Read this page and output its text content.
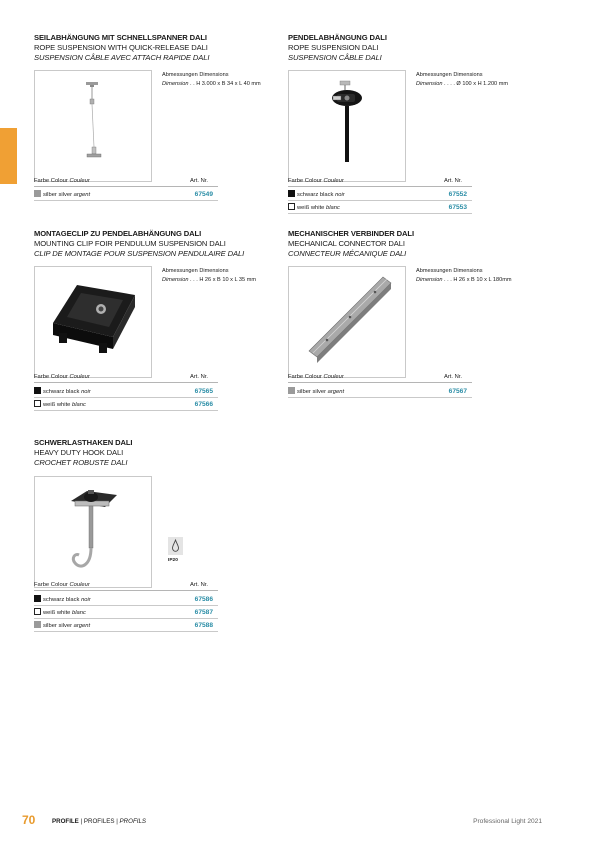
SEILABHÄNGUNG MIT SCHNELLSPANNER DALI
ROPE SUSPENSION WITH QUICK-RELEASE DALI
SUSPENSION CÂBLE AVEC ATTACH RAPIDE DALI
Abmessungen Dimensions
Dimension . . H 3.000 x B 34 x L 40 mm
Farbe Colour Couleur	Art. Nr.
silber silver argent	67549
PENDELABHÄNGUNG DALI
ROPE SUSPENSION DALI
SUSPENSION CÂBLE DALI
Abmessungen Dimensions
Dimension . . . . Ø 100 x H 1.200 mm
Farbe Colour Couleur	Art. Nr.
schwarz black noir	67552
weiß white blanc	67553
MONTAGECLIP ZU PENDELABHÄNGUNG DALI
MOUNTING CLIP FOIR PENDULUM SUSPENSION DALI
CLIP DE MONTAGE POUR SUSPENSION PENDULAIRE DALI
Abmessungen Dimensions
Dimension . . . H 26 x B 10 x L 35 mm
Farbe Colour Couleur	Art. Nr.
schwarz black noir	67565
weiß white blanc	67566
MECHANISCHER VERBINDER DALI
MECHANICAL CONNECTOR DALI
CONNECTEUR MÉCANIQUE DALI
Abmessungen Dimensions
Dimension . . . H 26 x B 10 x L 180mm
Farbe Colour Couleur	Art. Nr.
silber silver argent	67567
SCHWERLASTHAKEN DALI
HEAVY DUTY HOOK DALI
CROCHET ROBUSTE DALI
IP20
Farbe Colour Couleur	Art. Nr.
schwarz black noir	67586
weiß white blanc	67587
silber silver argent	67588
70	PROFILE | PROFILES | PROFILS	Professional Light 2021
